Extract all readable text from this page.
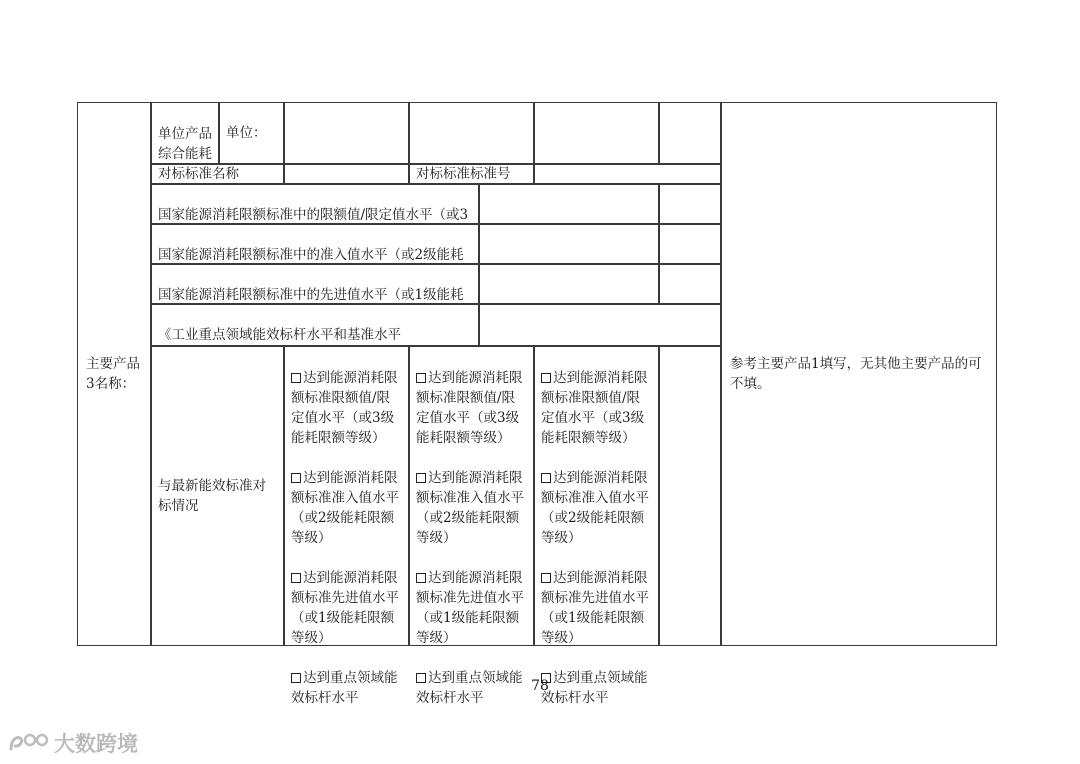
主要产品3名称：

单位产品综合能耗

单位：
对标标准名称	对标标准标准号

国家能源消耗限额标准中的限额值/限定值水平（或3

国家能源消耗限额标准中的准入值水平（或2级能耗

国家能源消耗限额标准中的先进值水平（或1级能耗

《工业重点领域能效标杆水平和基准水平

与最新能效标准对标情况

达到能源消耗限额标准限额值/限定值水平（或3级能耗限额等级）

达到能源消耗限额标准准入值水平（或2级能耗限额等级）

达到能源消耗限额标准先进值水平（或1级能耗限额等级）

达到重点领域能效标杆水平

达到能源消耗限额标准限额值/限定值水平（或3级能耗限额等级）

达到能源消耗限额标准准入值水平（或2级能耗限额等级）

达到能源消耗限额标准先进值水平（或1级能耗限额等级）

达到重点领域能效标杆水平

达到能源消耗限额标准限额值/限定值水平（或3级能耗限额等级）

达到能源消耗限额标准准入值水平（或2级能耗限额等级）

达到能源消耗限额标准先进值水平（或1级能耗限额等级）

达到重点领域能效标杆水平

参考主要产品1填写，无其他主要产品的可不填。
78
大数跨境
